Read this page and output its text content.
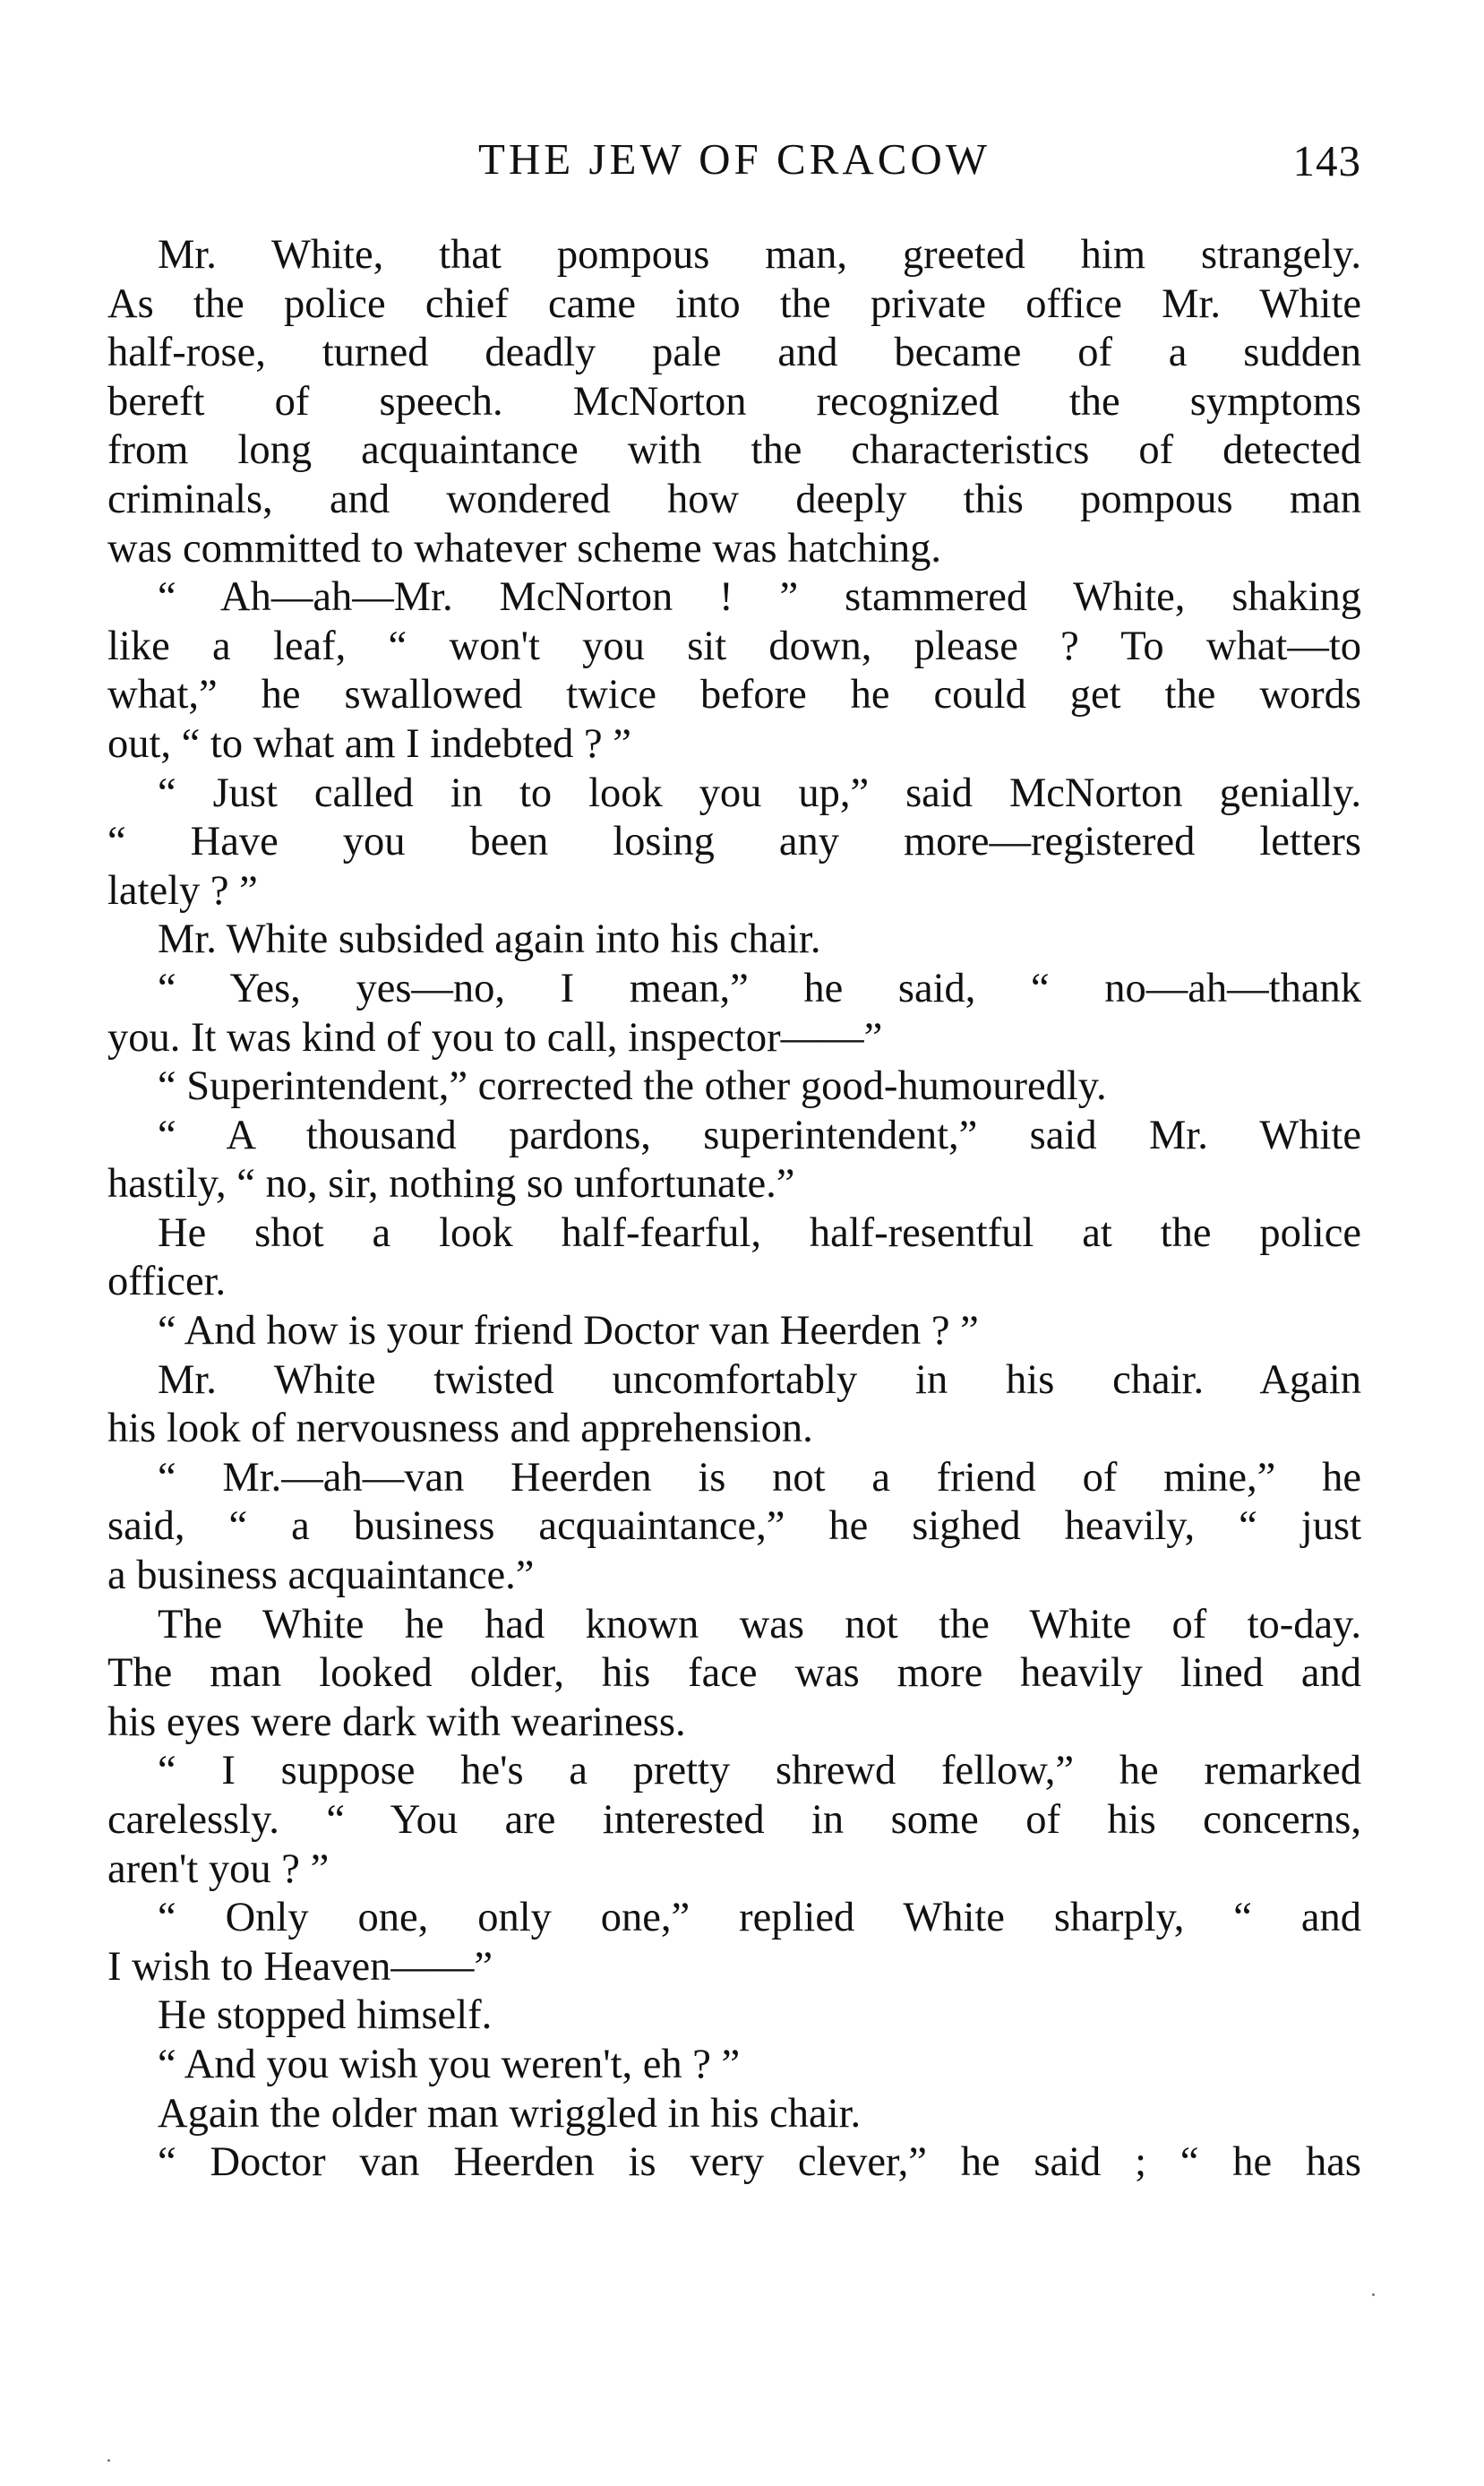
THE JEW OF CRACOW	143
Mr. White, that pompous man, greeted him strangely.
As the police chief came into the private office Mr. White
half-rose, turned deadly pale and became of a sudden
bereft of speech. McNorton recognized the symptoms
from long acquaintance with the characteristics of detected
criminals, and wondered how deeply this pompous man
was committed to whatever scheme was hatching.
“ Ah—ah—Mr. McNorton ! ” stammered White, shaking
like a leaf, “ won't you sit down, please ? To what—to
what,” he swallowed twice before he could get the words
out, “ to what am I indebted ? ”
“ Just called in to look you up,” said McNorton genially.
“ Have you been losing any more—registered letters
lately ? ”
Mr. White subsided again into his chair.
“ Yes, yes—no, I mean,” he said, “ no—ah—thank
you. It was kind of you to call, inspector——”
“ Superintendent,” corrected the other good-humouredly.
“ A thousand pardons, superintendent,” said Mr. White
hastily, “ no, sir, nothing so unfortunate.”
He shot a look half-fearful, half-resentful at the police
officer.
“ And how is your friend Doctor van Heerden ? ”
Mr. White twisted uncomfortably in his chair. Again
his look of nervousness and apprehension.
“ Mr.—ah—van Heerden is not a friend of mine,” he
said, “ a business acquaintance,” he sighed heavily, “ just
a business acquaintance.”
The White he had known was not the White of to-day.
The man looked older, his face was more heavily lined and
his eyes were dark with weariness.
“ I suppose he's a pretty shrewd fellow,” he remarked
carelessly. “ You are interested in some of his concerns,
aren't you ? ”
“ Only one, only one,” replied White sharply, “ and
I wish to Heaven——”
He stopped himself.
“ And you wish you weren't, eh ? ”
Again the older man wriggled in his chair.
“ Doctor van Heerden is very clever,” he said ; “ he has
